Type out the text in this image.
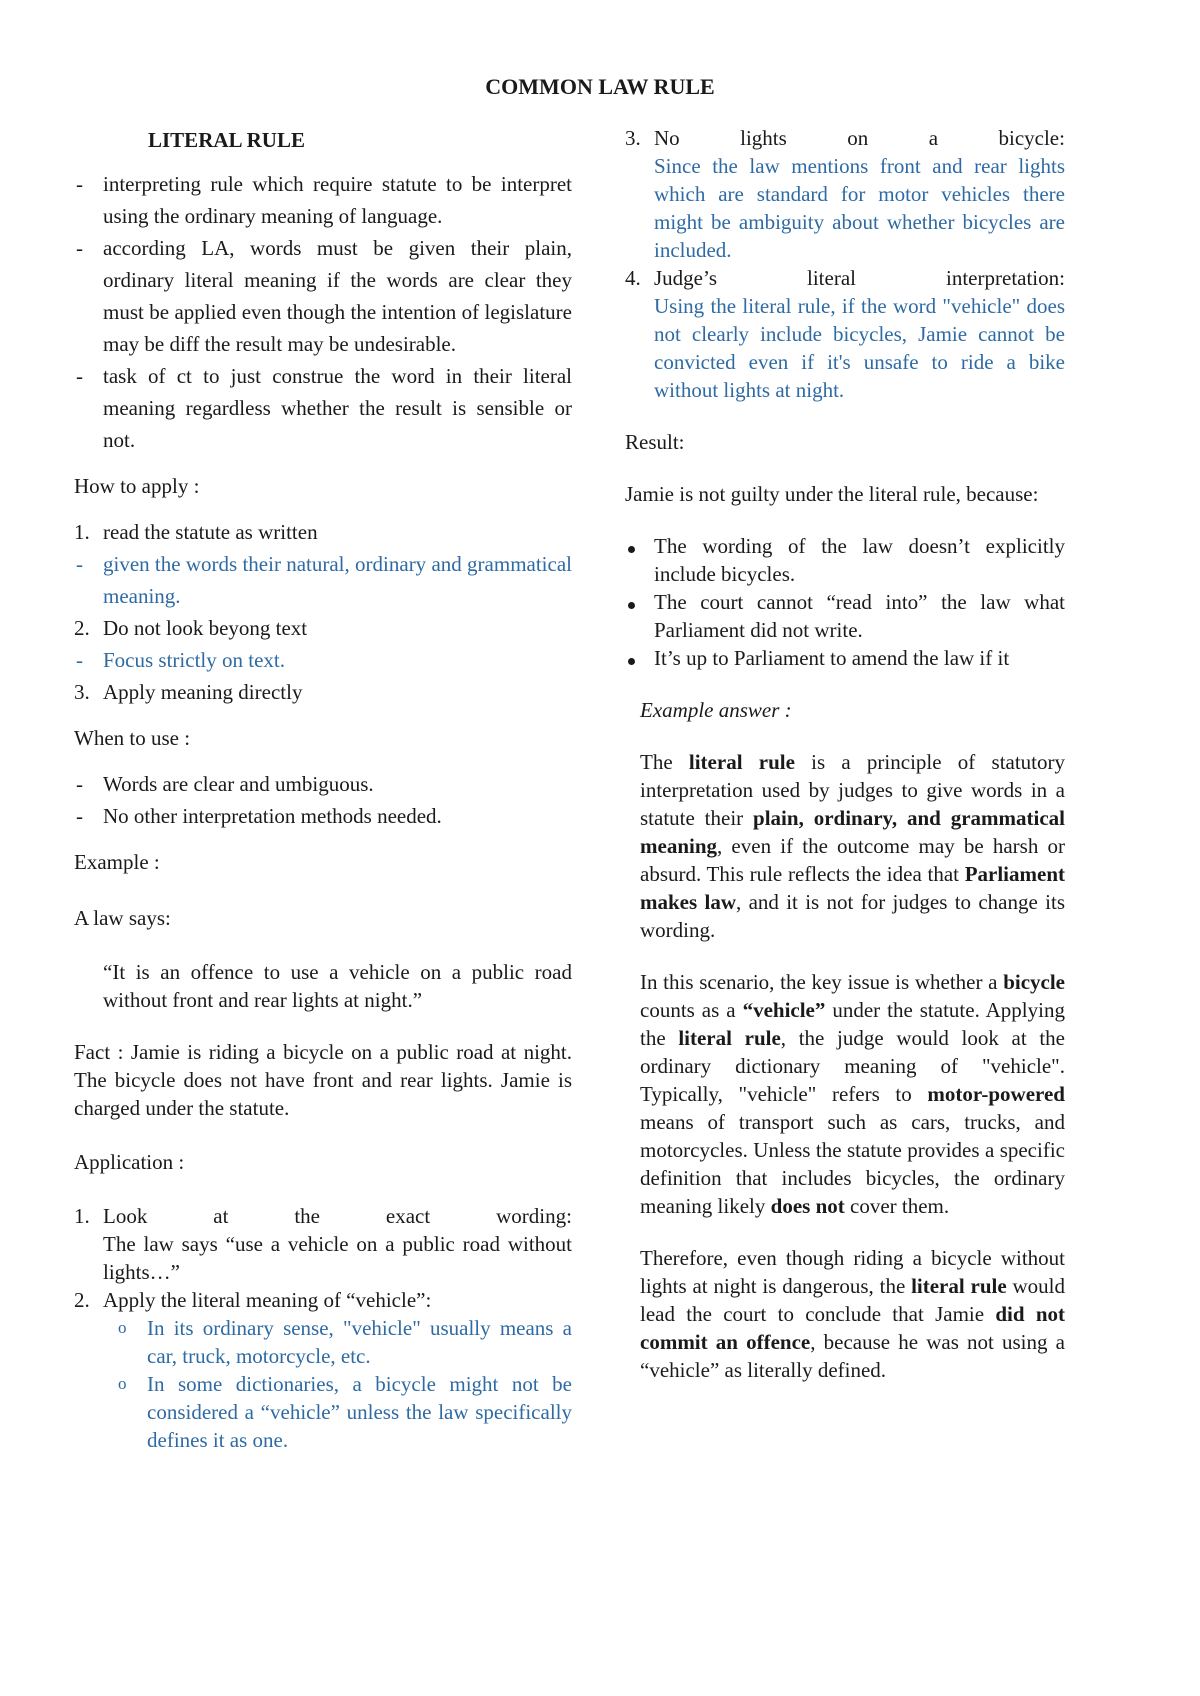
COMMON LAW RULE

LITERAL RULE

- interpreting rule which require statute to be interpret using the ordinary meaning of language.
- according LA, words must be given their plain, ordinary literal meaning if the words are clear they must be applied even though the intention of legislature may be diff the result may be undesirable.
- task of ct to just construe the word in their literal meaning regardless whether the result is sensible or not.
How to apply :
1. read the statute as written
- given the words their natural, ordinary and grammatical meaning.
2. Do not look beyong text
- Focus strictly on text.
3. Apply meaning directly
When to use :
- Words are clear and umbiguous.
- No other interpretation methods needed.
Example :
A law says:
“It is an offence to use a vehicle on a public road without front and rear lights at night.”
Fact : Jamie is riding a bicycle on a public road at night. The bicycle does not have front and rear lights. Jamie is charged under the statute.
Application :
1. Look	at	the	exact	wording:
The law says “use a vehicle on a public road without lights…”
2. Apply the literal meaning of “vehicle”:
o In its ordinary sense, "vehicle" usually means a car, truck, motorcycle, etc.
o In some dictionaries, a bicycle might not be considered a “vehicle” unless the law specifically defines it as one.
3. No	lights	on	a	bicycle:
Since the law mentions front and rear lights which are standard for motor vehicles there might be ambiguity about whether bicycles are included.
4. Judge’s	literal	interpretation:
Using the literal rule, if the word "vehicle" does not clearly include bicycles, Jamie cannot be convicted even if it's unsafe to ride a bike without lights at night.
Result:
Jamie is not guilty under the literal rule, because:
The wording of the law doesn’t explicitly include bicycles.
The court cannot “read into” the law what Parliament did not write.
It’s up to Parliament to amend the law if it
Example answer :
The literal rule is a principle of statutory interpretation used by judges to give words in a statute their plain, ordinary, and grammatical meaning, even if the outcome may be harsh or absurd. This rule reflects the idea that Parliament makes law, and it is not for judges to change its wording.
In this scenario, the key issue is whether a bicycle counts as a “vehicle” under the statute. Applying the literal rule, the judge would look at the ordinary dictionary meaning of "vehicle". Typically, "vehicle" refers to motor-powered means of transport such as cars, trucks, and motorcycles. Unless the statute provides a specific definition that includes bicycles, the ordinary meaning likely does not cover them.
Therefore, even though riding a bicycle without lights at night is dangerous, the literal rule would lead the court to conclude that Jamie did not commit an offence, because he was not using a “vehicle” as literally defined.
